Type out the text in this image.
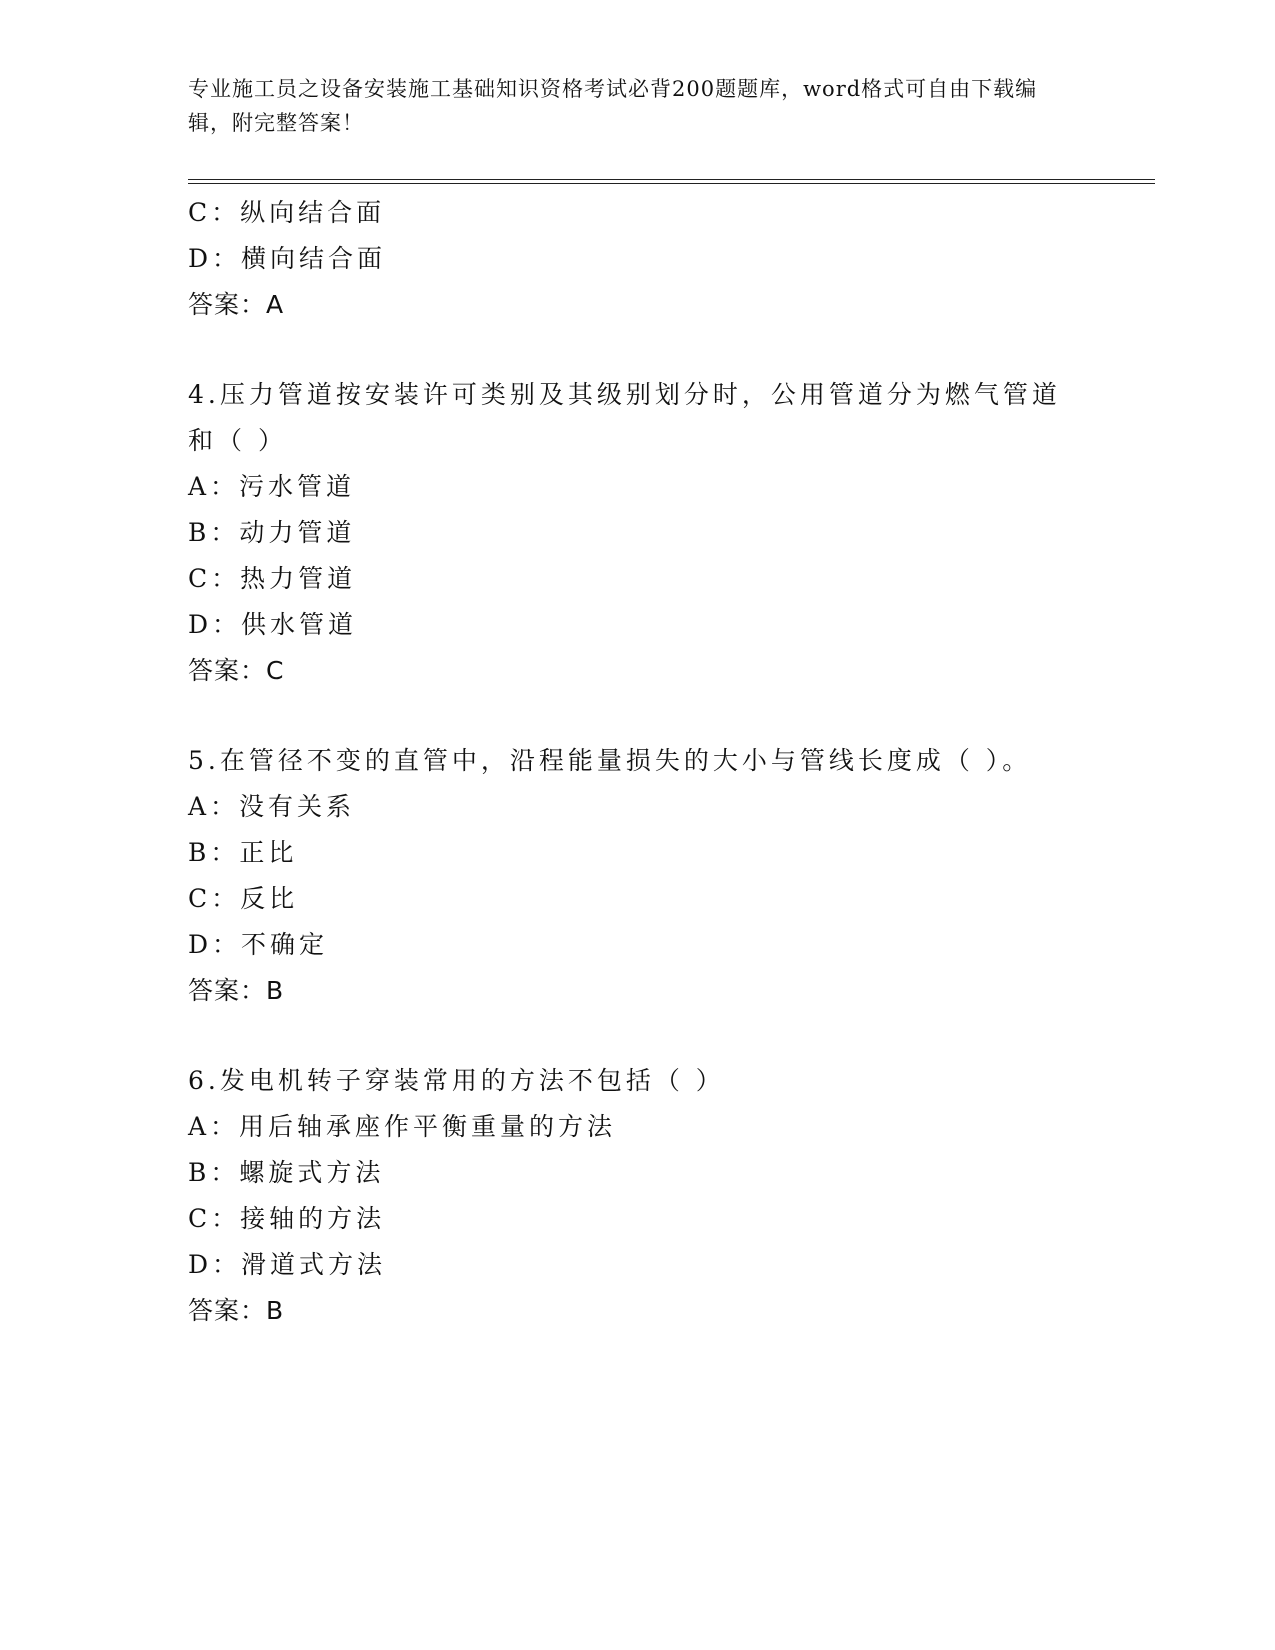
专业施工员之设备安装施工基础知识资格考试必背200题题库，word格式可自由下载编辑，附完整答案！
C：纵向结合面
D：横向结合面
答案：A
4.压力管道按安装许可类别及其级别划分时，公用管道分为燃气管道和（ ）
A：污水管道
B：动力管道
C：热力管道
D：供水管道
答案：C
5.在管径不变的直管中，沿程能量损失的大小与管线长度成（ ）。
A：没有关系
B：正比
C：反比
D：不确定
答案：B
6.发电机转子穿装常用的方法不包括（ ）
A：用后轴承座作平衡重量的方法
B：螺旋式方法
C：接轴的方法
D：滑道式方法
答案：B
